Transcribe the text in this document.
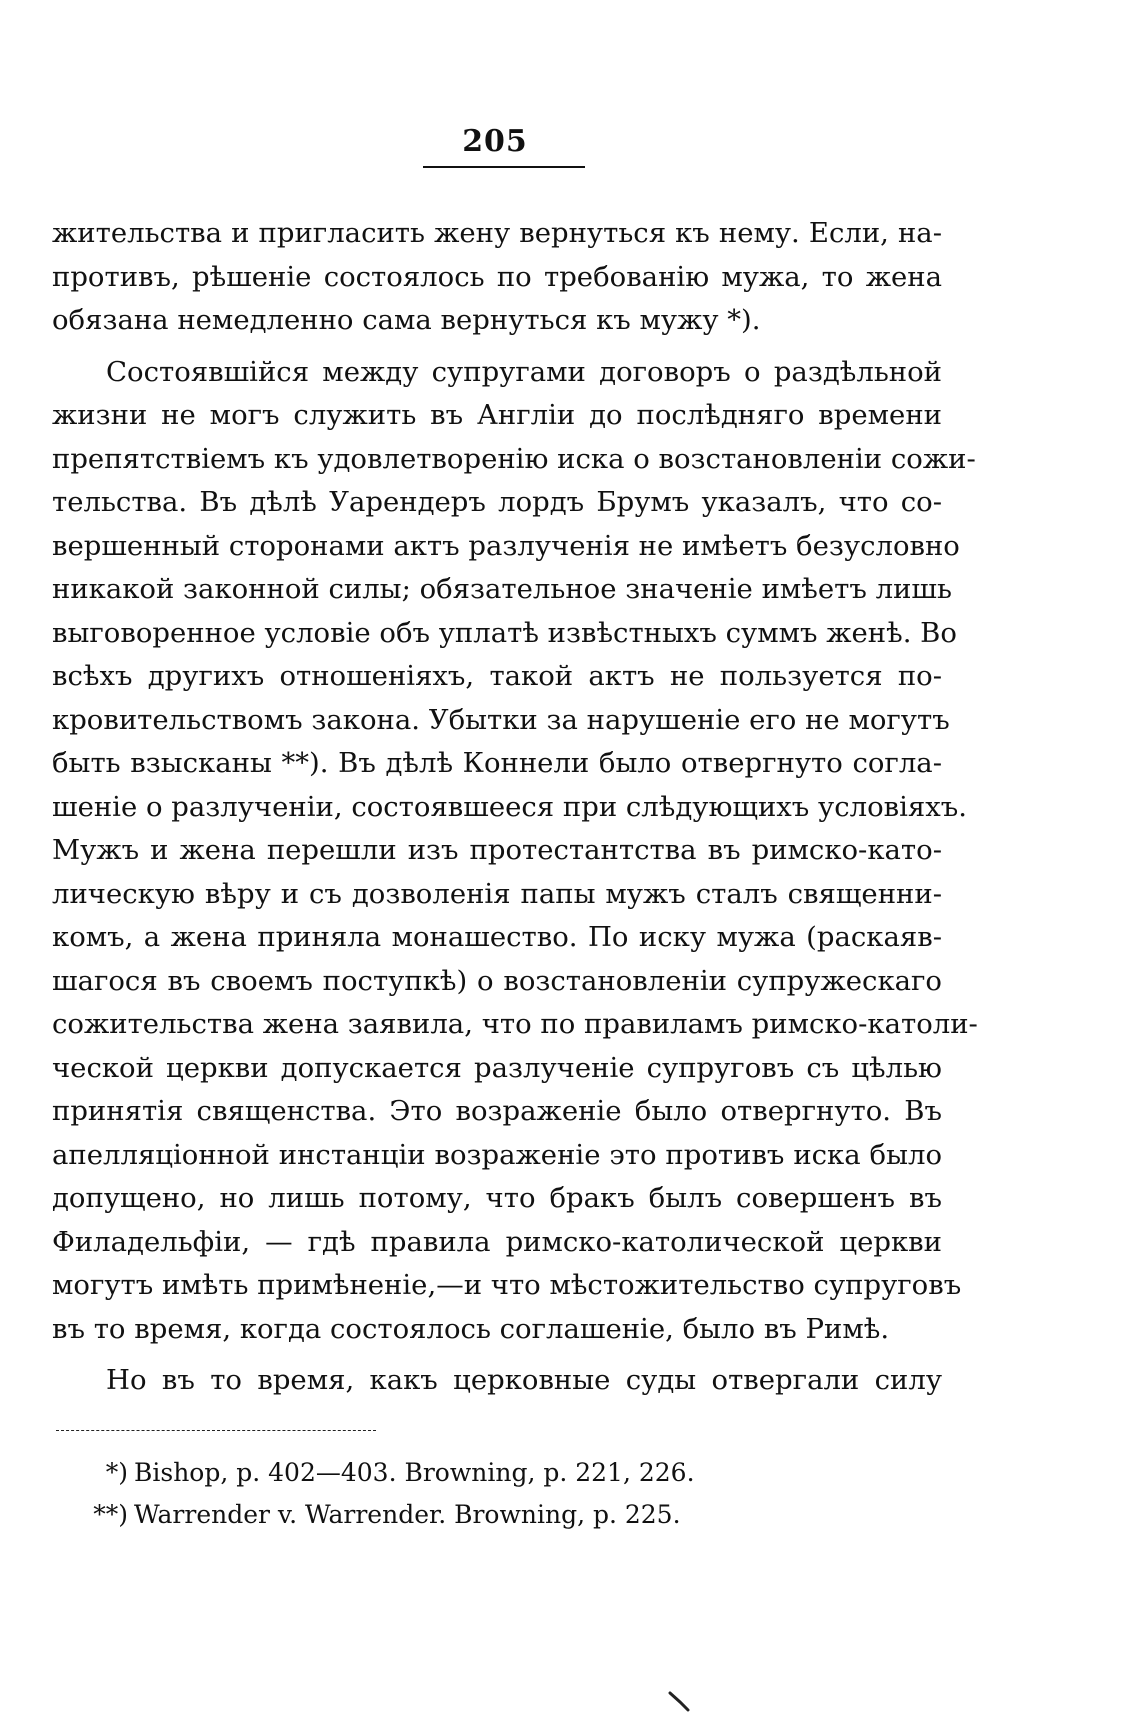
205
жительства и пригласить жену вернуться къ нему. Если, на-
противъ, рѣшеніе состоялось по требованію мужа, то жена
обязана немедленно сама вернуться къ мужу *).
Состоявшійся между супругами договоръ о раздѣльной
жизни не могъ служить въ Англіи до послѣдняго времени
препятствіемъ къ удовлетворенію иска о возстановленіи сожи-
тельства. Въ дѣлѣ Уарендеръ лордъ Брумъ указалъ, что со-
вершенный сторонами актъ разлученія не имѣетъ безусловно
никакой законной силы; обязательное значеніе имѣетъ лишь
выговоренное условіе объ уплатѣ извѣстныхъ суммъ женѣ. Во
всѣхъ другихъ отношеніяхъ, такой актъ не пользуется по-
кровительствомъ закона. Убытки за нарушеніе его не могутъ
быть взысканы **). Въ дѣлѣ Коннели было отвергнуто согла-
шеніе о разлученіи, состоявшееся при слѣдующихъ условіяхъ.
Мужъ и жена перешли изъ протестантства въ римско-като-
лическую вѣру и съ дозволенія папы мужъ сталъ священни-
комъ, а жена приняла монашество. По иску мужа (раскаяв-
шагося въ своемъ поступкѣ) о возстановленіи супружескаго
сожительства жена заявила, что по правиламъ римско-католи-
ческой церкви допускается разлученіе супруговъ съ цѣлью
принятія священства. Это возраженіе было отвергнуто. Въ
апелляціонной инстанціи возраженіе это противъ иска было
допущено, но лишь потому, что бракъ былъ совершенъ въ
Филадельфіи, — гдѣ правила римско-католической церкви
могутъ имѣть примѣненіе,—и что мѣстожительство супруговъ
въ то время, когда состоялось соглашеніе, было въ Римѣ.
Но въ то время, какъ церковные суды отвергали силу
*) Bishop, p. 402—403. Browning, p. 221, 226.
**) Warrender v. Warrender. Browning, p. 225.
